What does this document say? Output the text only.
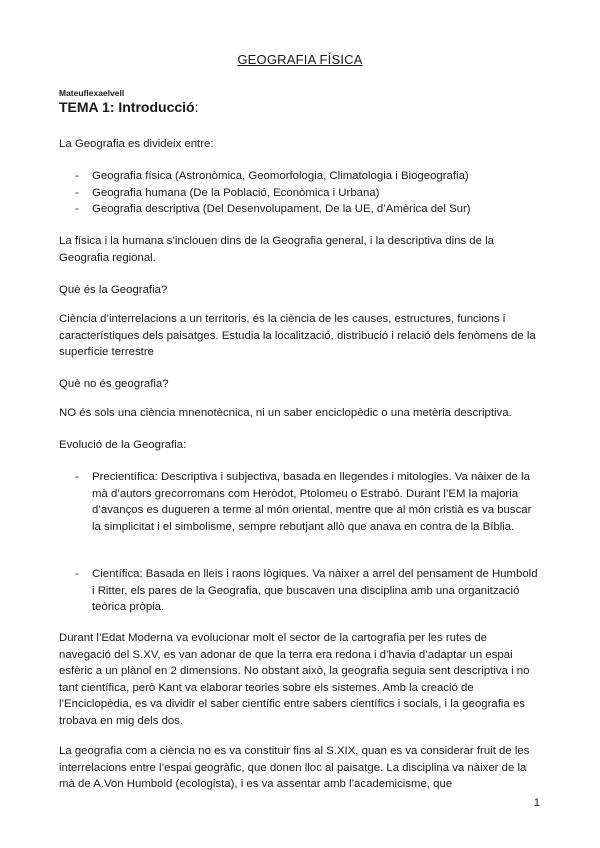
GEOGRAFIA FÍSICA
Mateuflexaelvell
TEMA 1: Introducció:

La Geografia es divideix entre:

- Geografia física (Astronòmica, Geomorfologia, Climatologia i Biogeografia)
- Geografia humana (De la Població, Econòmica i Urbana)
- Geografia descriptiva (Del Desenvolupament, De la UE, d’Amèrica del Sur)

La física i la humana s’inclouen dins de la Geografia general, i la descriptiva dins de la Geografia regional.

Què és la Geografia?

Ciència d’interrelacions a un territoris, és la ciència de les causes, estructures, funcions i característiques dels paisatges. Estudia la localització, distribució i relació dels fenòmens de la superfície terrestre

Què no és geografia?

NO és sols una ciència mnenotècnica, ni un saber enciclopèdic o una metèria descriptiva.

Evolució de la Geografia:

- Precientífica: Descriptiva i subjectiva, basada en llegendes i mitologies. Va nàixer de la mà d’autors grecorromans com Heròdot, Ptolomeu o Estrabó. Durant l’EM la majoria d’avanços es dugueren a terme al món oriental, mentre que al món cristià es va buscar la simplicitat i el simbolisme, sempre rebutjant allò que anava en contra de la Bíblia.
- Científica: Basada en lleis i raons lògiques. Va nàixer a arrel del pensament de Humbold i Ritter, els pares de la Geografia, que buscaven una disciplina amb una organització teòrica pròpia.

Durant l’Edat Moderna va evolucionar molt el sector de la cartografia per les rutes de navegació del S.XV, es van adonar de que la terra era redona i d’havia d’adaptar un espai esfèric a un plànol en 2 dimensions. No obstant això, la geografia seguia sent descriptiva i no tant científica, però Kant va elaborar teories sobre els sistemes. Amb la creació de l’Enciclopèdia, es va dividir el saber científic entre sabers científics i socials, i la geografia es trobava en mig dels dos.

La geografia com a ciència no es va constituir fins al S.XIX, quan es va considerar fruit de les interrelacions entre l’espai geogràfic, que donen lloc al paisatge. La disciplina va nàixer de la mà de A.Von Humbold (ecologista), i es va assentar amb l’academicisme, que

1
